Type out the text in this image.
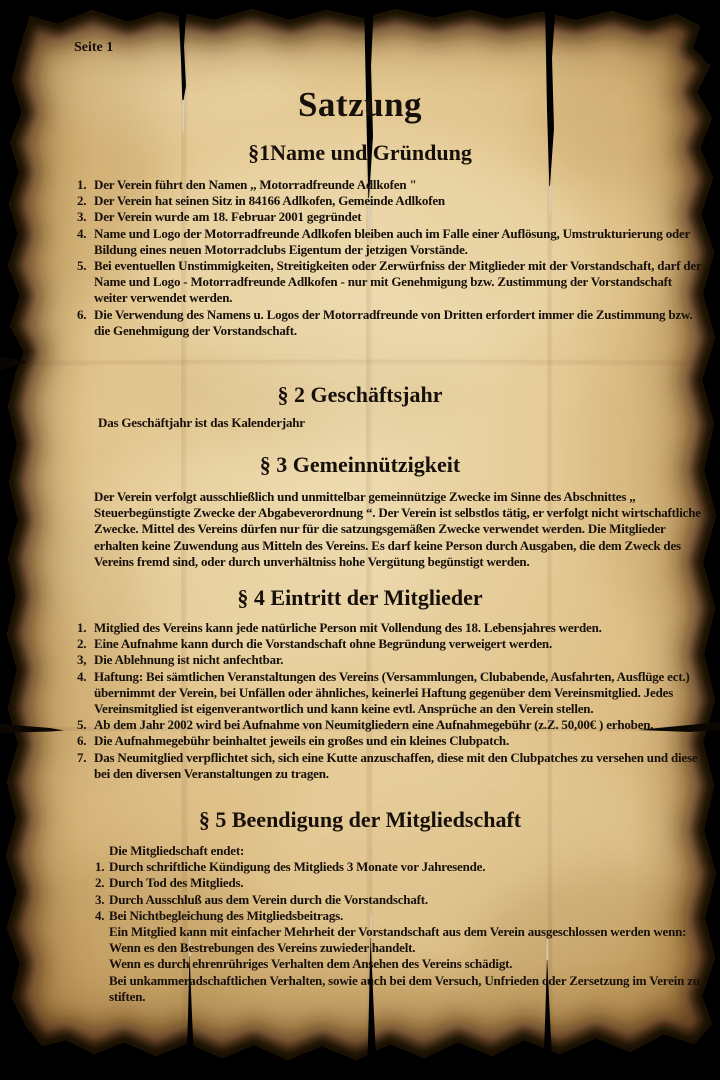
Seite 1
Satzung
§1Name und Gründung
1. Der Verein führt den Namen ,, Motorradfreunde Adlkofen "
2. Der Verein hat seinen Sitz in 84166 Adlkofen, Gemeinde Adlkofen
3. Der Verein wurde am 18. Februar 2001 gegründet
4. Name und Logo der Motorradfreunde Adlkofen bleiben auch im Falle einer Auflösung, Umstrukturierung oder Bildung eines neuen Motorradclubs Eigentum der jetzigen Vorstände.
5. Bei eventuellen Unstimmigkeiten, Streitigkeiten oder Zerwürfniss der Mitglieder mit der Vorstandschaft, darf der Name und Logo - Motorradfreunde Adlkofen - nur mit Genehmigung bzw. Zustimmung der Vorstandschaft weiter verwendet werden.
6. Die Verwendung des Namens u. Logos der Motorradfreunde von Dritten erfordert immer die Zustimmung bzw. die Genehmigung der Vorstandschaft.
§ 2 Geschäftsjahr
Das Geschäftjahr ist das Kalenderjahr
§ 3 Gemeinnützigkeit
Der Verein verfolgt ausschließlich und unmittelbar gemeinnützige Zwecke im Sinne des Abschnittes „ Steuerbegünstigte Zwecke der Abgabeverordnung “. Der Verein ist selbstlos tätig, er verfolgt nicht wirtschaftliche Zwecke. Mittel des Vereins dürfen nur für die satzungsgemäßen Zwecke verwendet werden. Die Mitglieder erhalten keine Zuwendung aus Mitteln des Vereins. Es darf keine Person durch Ausgaben, die dem Zweck des Vereins fremd sind, oder durch unverhältniss hohe Vergütung begünstigt werden.
§ 4 Eintritt der Mitglieder
1. Mitglied des Vereins kann jede natürliche Person mit Vollendung des 18. Lebensjahres werden.
2. Eine Aufnahme kann durch die Vorstandschaft ohne Begründung verweigert werden.
3, Die Ablehnung ist nicht anfechtbar.
4. Haftung: Bei sämtlichen Veranstaltungen des Vereins (Versammlungen, Clubabende, Ausfahrten, Ausflüge ect.) übernimmt der Verein, bei Unfällen oder ähnliches, keinerlei Haftung gegenüber dem Vereinsmitglied. Jedes Vereinsmitglied ist eigenverantwortlich und kann keine evtl. Ansprüche an den Verein stellen.
5. Ab dem Jahr 2002 wird bei Aufnahme von Neumitgliedern eine Aufnahmegebühr (z.Z. 50,00€ ) erhoben.
6. Die Aufnahmegebühr beinhaltet jeweils ein großes und ein kleines Clubpatch.
7. Das Neumitglied verpflichtet sich, sich eine Kutte anzuschaffen, diese mit den Clubpatches zu versehen und diese bei den diversen Veranstaltungen zu tragen.
§ 5 Beendigung der Mitgliedschaft
Die Mitgliedschaft endet:
1. Durch schriftliche Kündigung des Mitglieds 3 Monate vor Jahresende.
2. Durch Tod des Mitglieds.
3. Durch Ausschluß aus dem Verein durch die Vorstandschaft.
4. Bei Nichtbegleichung des Mitgliedsbeitrags.
Ein Mitglied kann mit einfacher Mehrheit der Vorstandschaft aus dem Verein ausgeschlossen werden wenn:
Wenn es den Bestrebungen des Vereins zuwieder handelt.
Wenn es durch ehrenrühriges Verhalten dem Ansehen des Vereins schädigt.
Bei unkammeradschaftlichen Verhalten, sowie auch bei dem Versuch, Unfrieden oder Zersetzung im Verein zu stiften.
